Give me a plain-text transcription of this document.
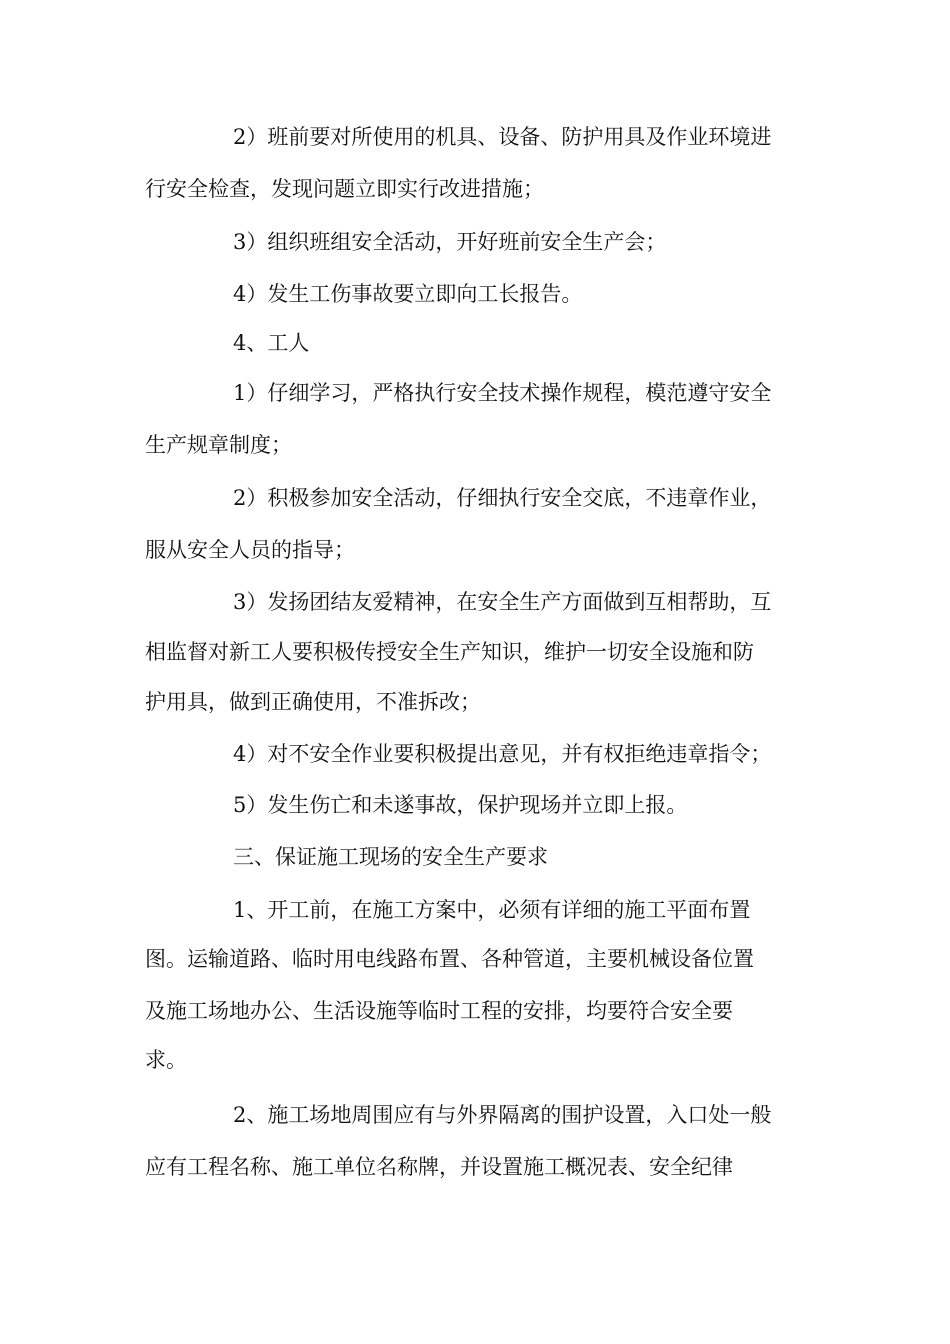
2）班前要对所使用的机具、设备、防护用具及作业环境进
行安全检查，发现问题立即实行改进措施；
3）组织班组安全活动，开好班前安全生产会；
4）发生工伤事故要立即向工长报告。
4、工人
1）仔细学习，严格执行安全技术操作规程，模范遵守安全
生产规章制度；
2）积极参加安全活动，仔细执行安全交底，不违章作业，
服从安全人员的指导；
3）发扬团结友爱精神，在安全生产方面做到互相帮助，互
相监督对新工人要积极传授安全生产知识，维护一切安全设施和防
护用具，做到正确使用，不准拆改；
4）对不安全作业要积极提出意见，并有权拒绝违章指令；
5）发生伤亡和未遂事故，保护现场并立即上报。
三、保证施工现场的安全生产要求
1、开工前，在施工方案中，必须有详细的施工平面布置
图。运输道路、临时用电线路布置、各种管道，主要机械设备位置
及施工场地办公、生活设施等临时工程的安排，均要符合安全要
求。
2、施工场地周围应有与外界隔离的围护设置，入口处一般
应有工程名称、施工单位名称牌，并设置施工概况表、安全纪律
